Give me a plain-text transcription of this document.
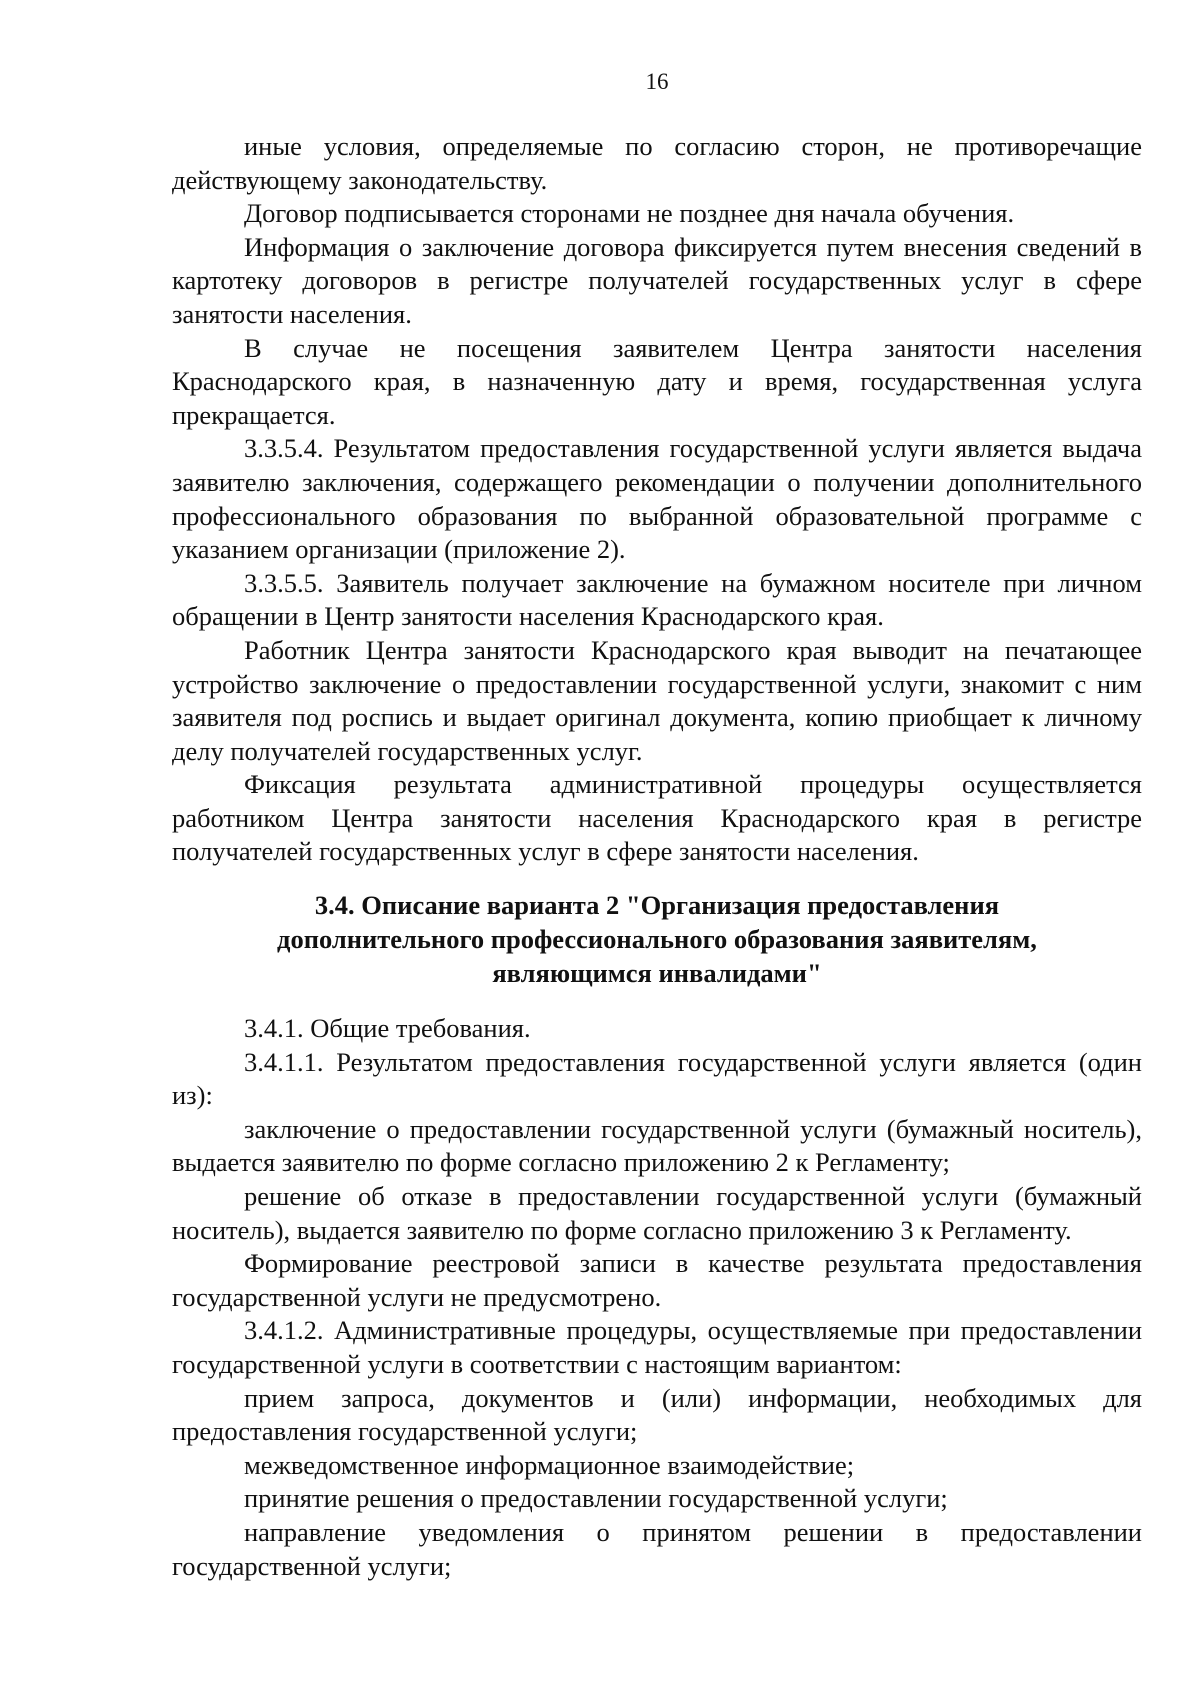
16

иные условия, определяемые по согласию сторон, не противоречащие действующему законодательству.

Договор подписывается сторонами не позднее дня начала обучения.

Информация о заключение договора фиксируется путем внесения сведений в картотеку договоров в регистре получателей государственных услуг в сфере занятости населения.

В случае не посещения заявителем Центра занятости населения Краснодарского края, в назначенную дату и время, государственная услуга прекращается.

3.3.5.4. Результатом предоставления государственной услуги является выдача заявителю заключения, содержащего рекомендации о получении дополнительного профессионального образования по выбранной образовательной программе с указанием организации (приложение 2).

3.3.5.5. Заявитель получает заключение на бумажном носителе при личном обращении в Центр занятости населения Краснодарского края.

Работник Центра занятости Краснодарского края выводит на печатающее устройство заключение о предоставлении государственной услуги, знакомит с ним заявителя под роспись и выдает оригинал документа, копию приобщает к личному делу получателей государственных услуг.

Фиксация результата административной процедуры осуществляется работником Центра занятости населения Краснодарского края в регистре получателей государственных услуг в сфере занятости населения.

3.4. Описание варианта 2 "Организация предоставления
дополнительного профессионального образования заявителям,
являющимся инвалидами"

3.4.1. Общие требования.

3.4.1.1. Результатом предоставления государственной услуги является (один из):

заключение о предоставлении государственной услуги (бумажный носитель), выдается заявителю по форме согласно приложению 2 к Регламенту;

решение об отказе в предоставлении государственной услуги (бумажный носитель), выдается заявителю по форме согласно приложению 3 к Регламенту.

Формирование реестровой записи в качестве результата предоставления государственной услуги не предусмотрено.

3.4.1.2. Административные процедуры, осуществляемые при предоставлении государственной услуги в соответствии с настоящим вариантом:

прием запроса, документов и (или) информации, необходимых для предоставления государственной услуги;

межведомственное информационное взаимодействие;

принятие решения о предоставлении государственной услуги;

направление уведомления о принятом решении в предоставлении государственной услуги;
